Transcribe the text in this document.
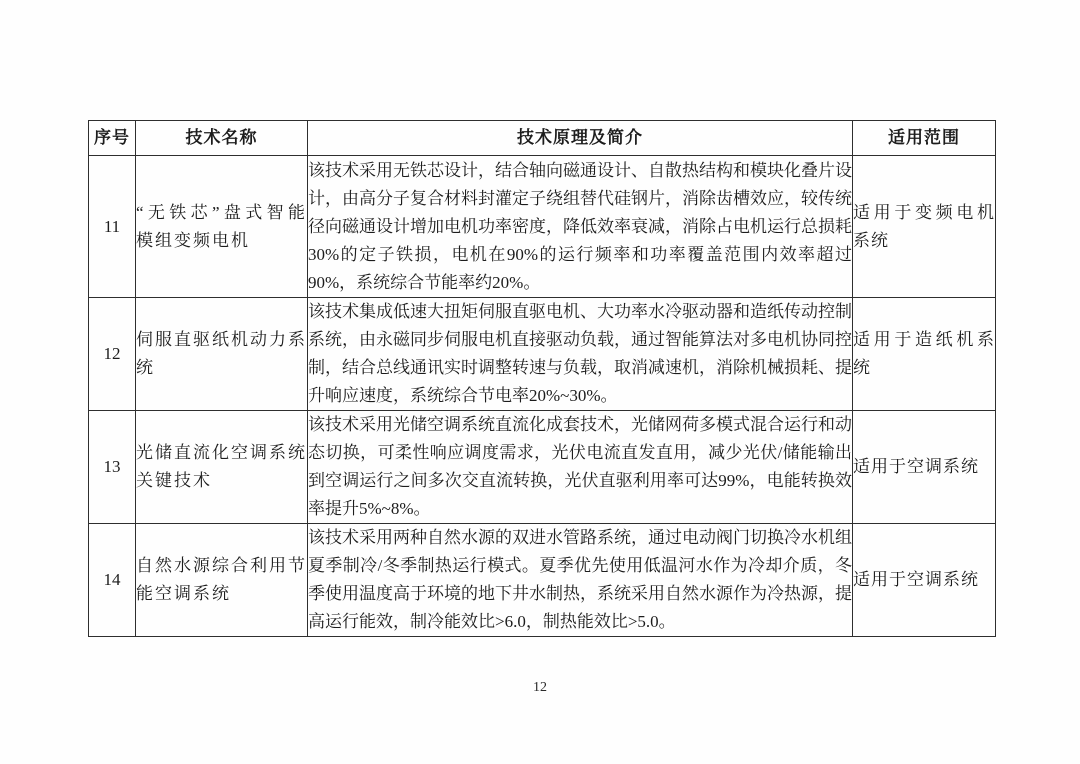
序号	技术名称	技术原理及简介	适用范围
11	“无铁芯”盘式智能模组变频电机	该技术采用无铁芯设计，结合轴向磁通设计、自散热结构和模块化叠片设计，由高分子复合材料封灌定子绕组替代硅钢片，消除齿槽效应，较传统径向磁通设计增加电机功率密度，降低效率衰减，消除占电机运行总损耗30%的定子铁损，电机在90%的运行频率和功率覆盖范围内效率超过90%，系统综合节能率约20%。	适用于变频电机系统
12	伺服直驱纸机动力系统	该技术集成低速大扭矩伺服直驱电机、大功率水冷驱动器和造纸传动控制系统，由永磁同步伺服电机直接驱动负载，通过智能算法对多电机协同控制，结合总线通讯实时调整转速与负载，取消减速机，消除机械损耗、提升响应速度，系统综合节电率20%~30%。	适用于造纸机系统
13	光储直流化空调系统关键技术	该技术采用光储空调系统直流化成套技术，光储网荷多模式混合运行和动态切换，可柔性响应调度需求，光伏电流直发直用，减少光伏/储能输出到空调运行之间多次交直流转换，光伏直驱利用率可达99%，电能转换效率提升5%~8%。	适用于空调系统
14	自然水源综合利用节能空调系统	该技术采用两种自然水源的双进水管路系统，通过电动阀门切换冷水机组夏季制冷/冬季制热运行模式。夏季优先使用低温河水作为冷却介质，冬季使用温度高于环境的地下井水制热，系统采用自然水源作为冷热源，提高运行能效，制冷能效比>6.0，制热能效比>5.0。	适用于空调系统
12
